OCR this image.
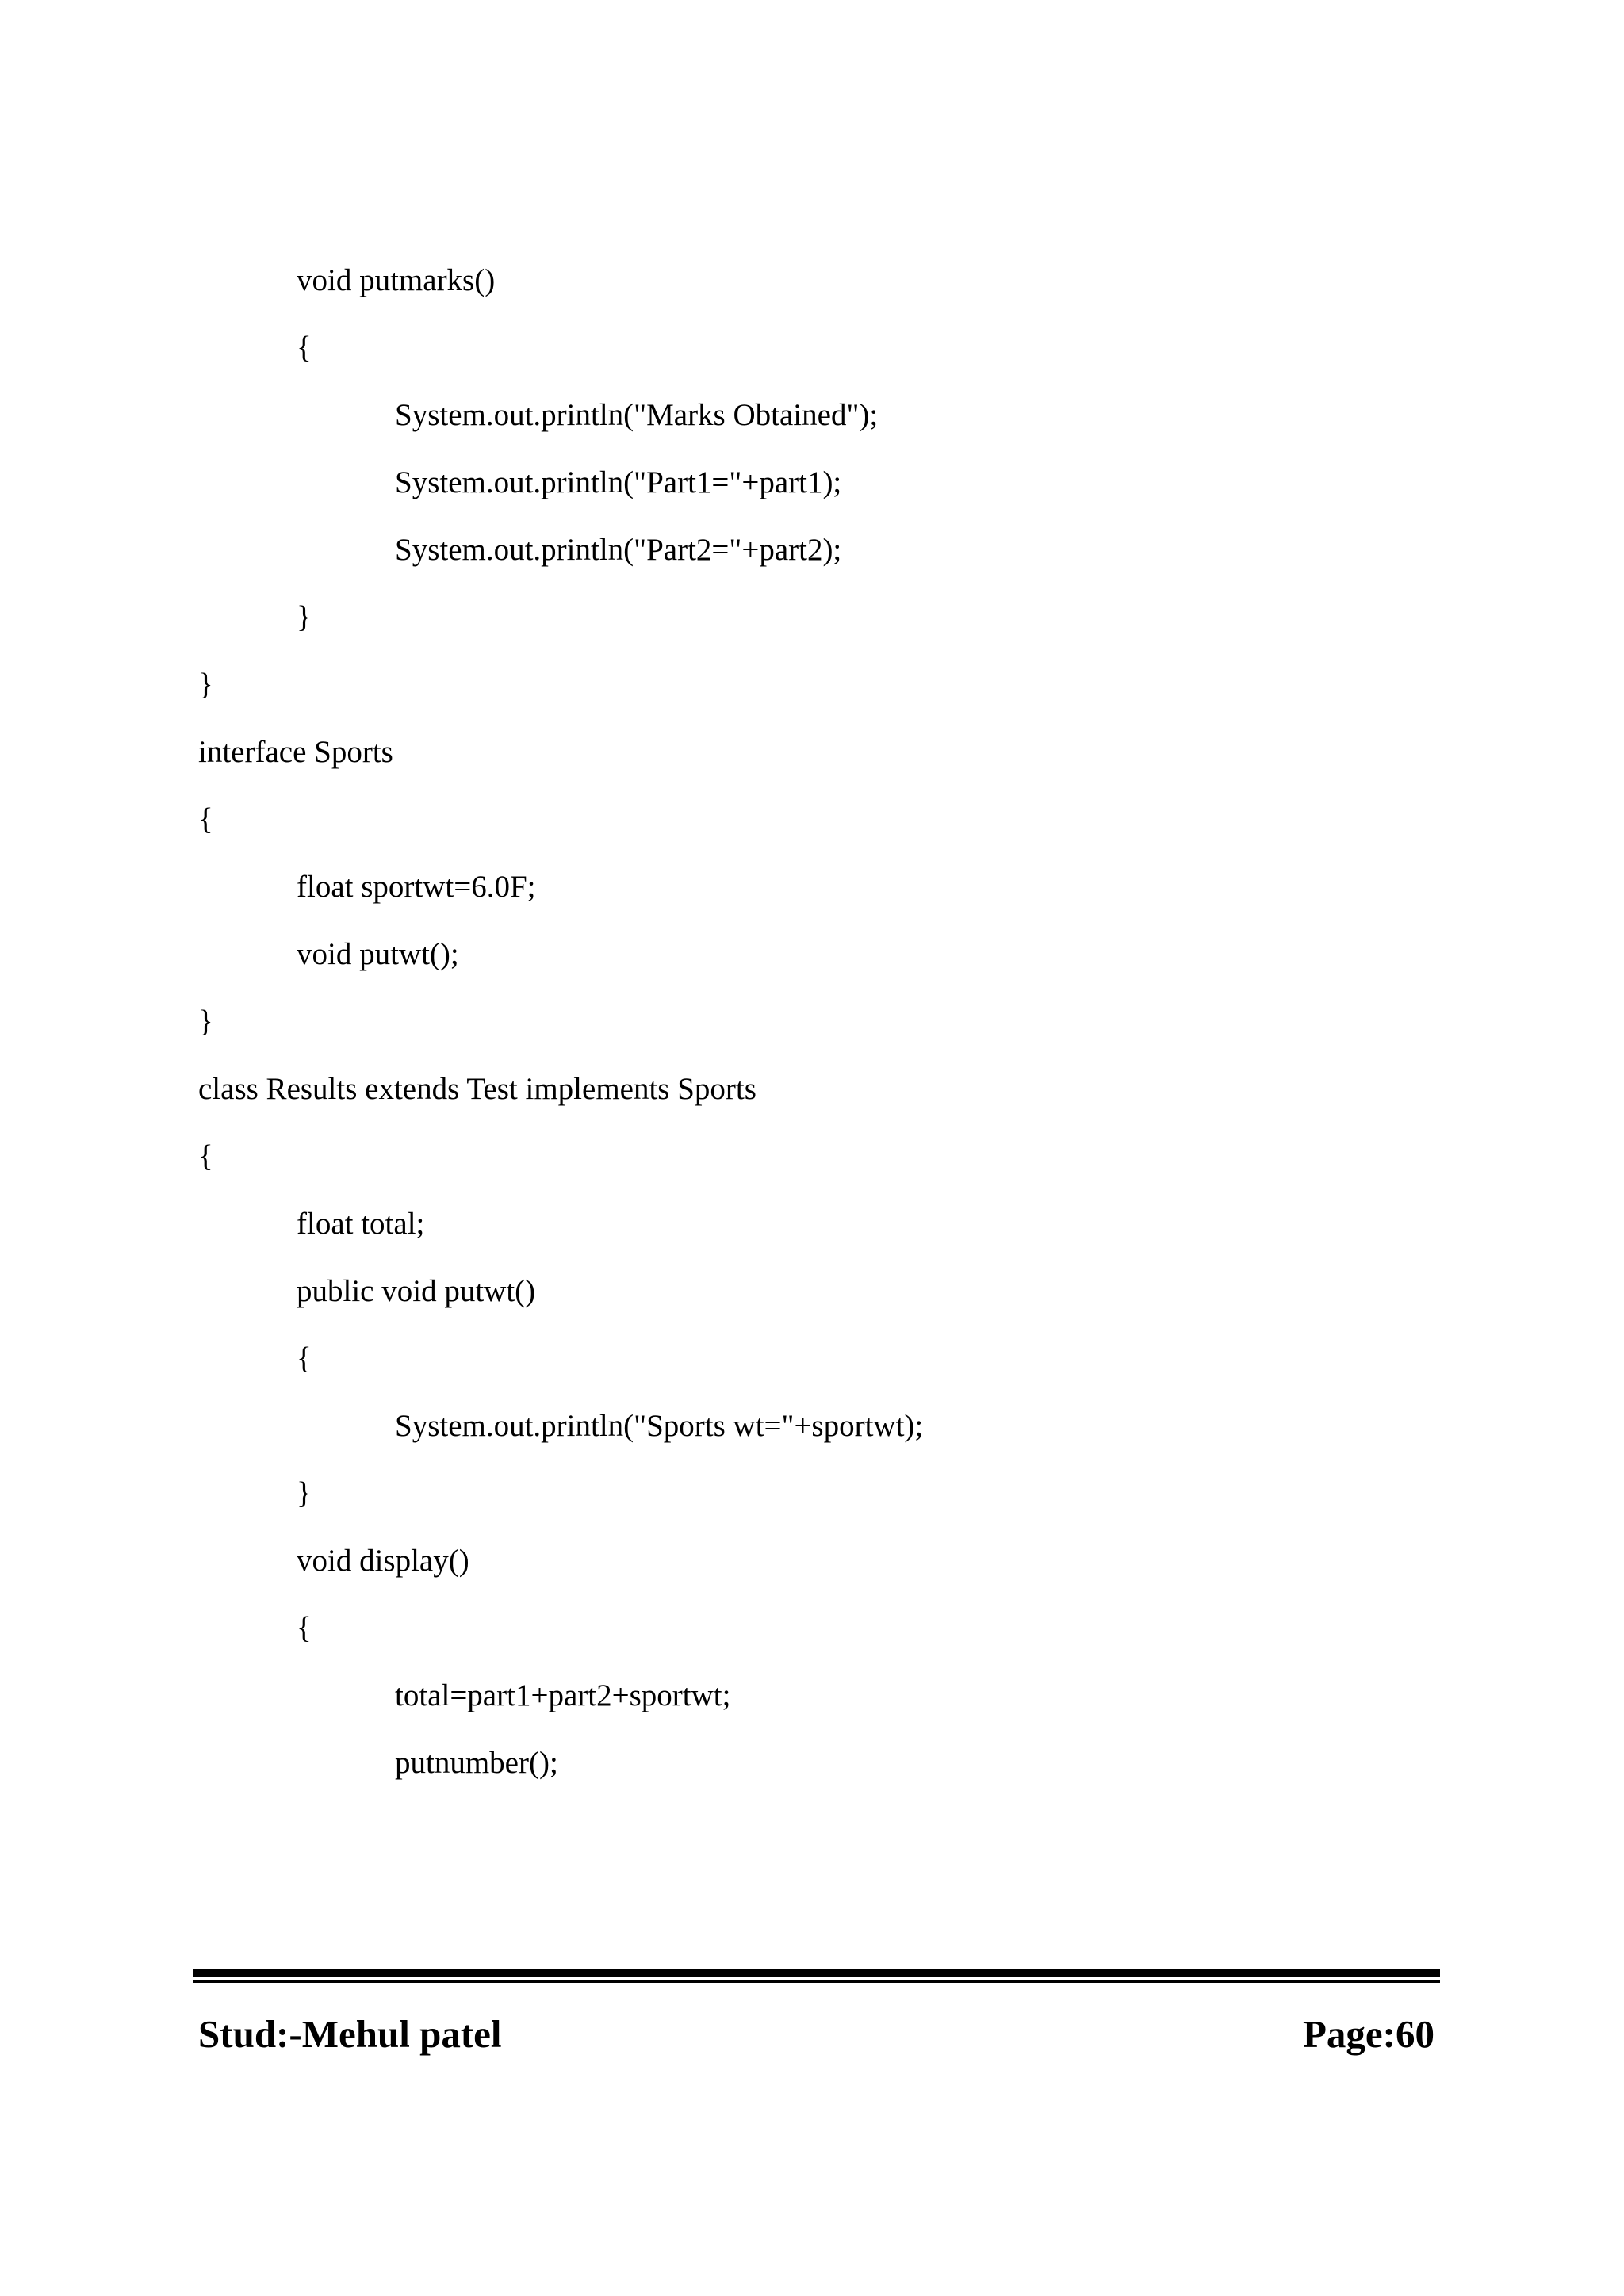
void putmarks()
{
System.out.println("Marks Obtained");
System.out.println("Part1="+part1);
System.out.println("Part2="+part2);
}
}
interface Sports
{
float sportwt=6.0F;
void putwt();
}
class Results extends Test implements Sports
{
float total;
public void putwt()
{
System.out.println("Sports wt="+sportwt);
}
void display()
{
total=part1+part2+sportwt;
putnumber();
Stud:-Mehul patel	Page:60
